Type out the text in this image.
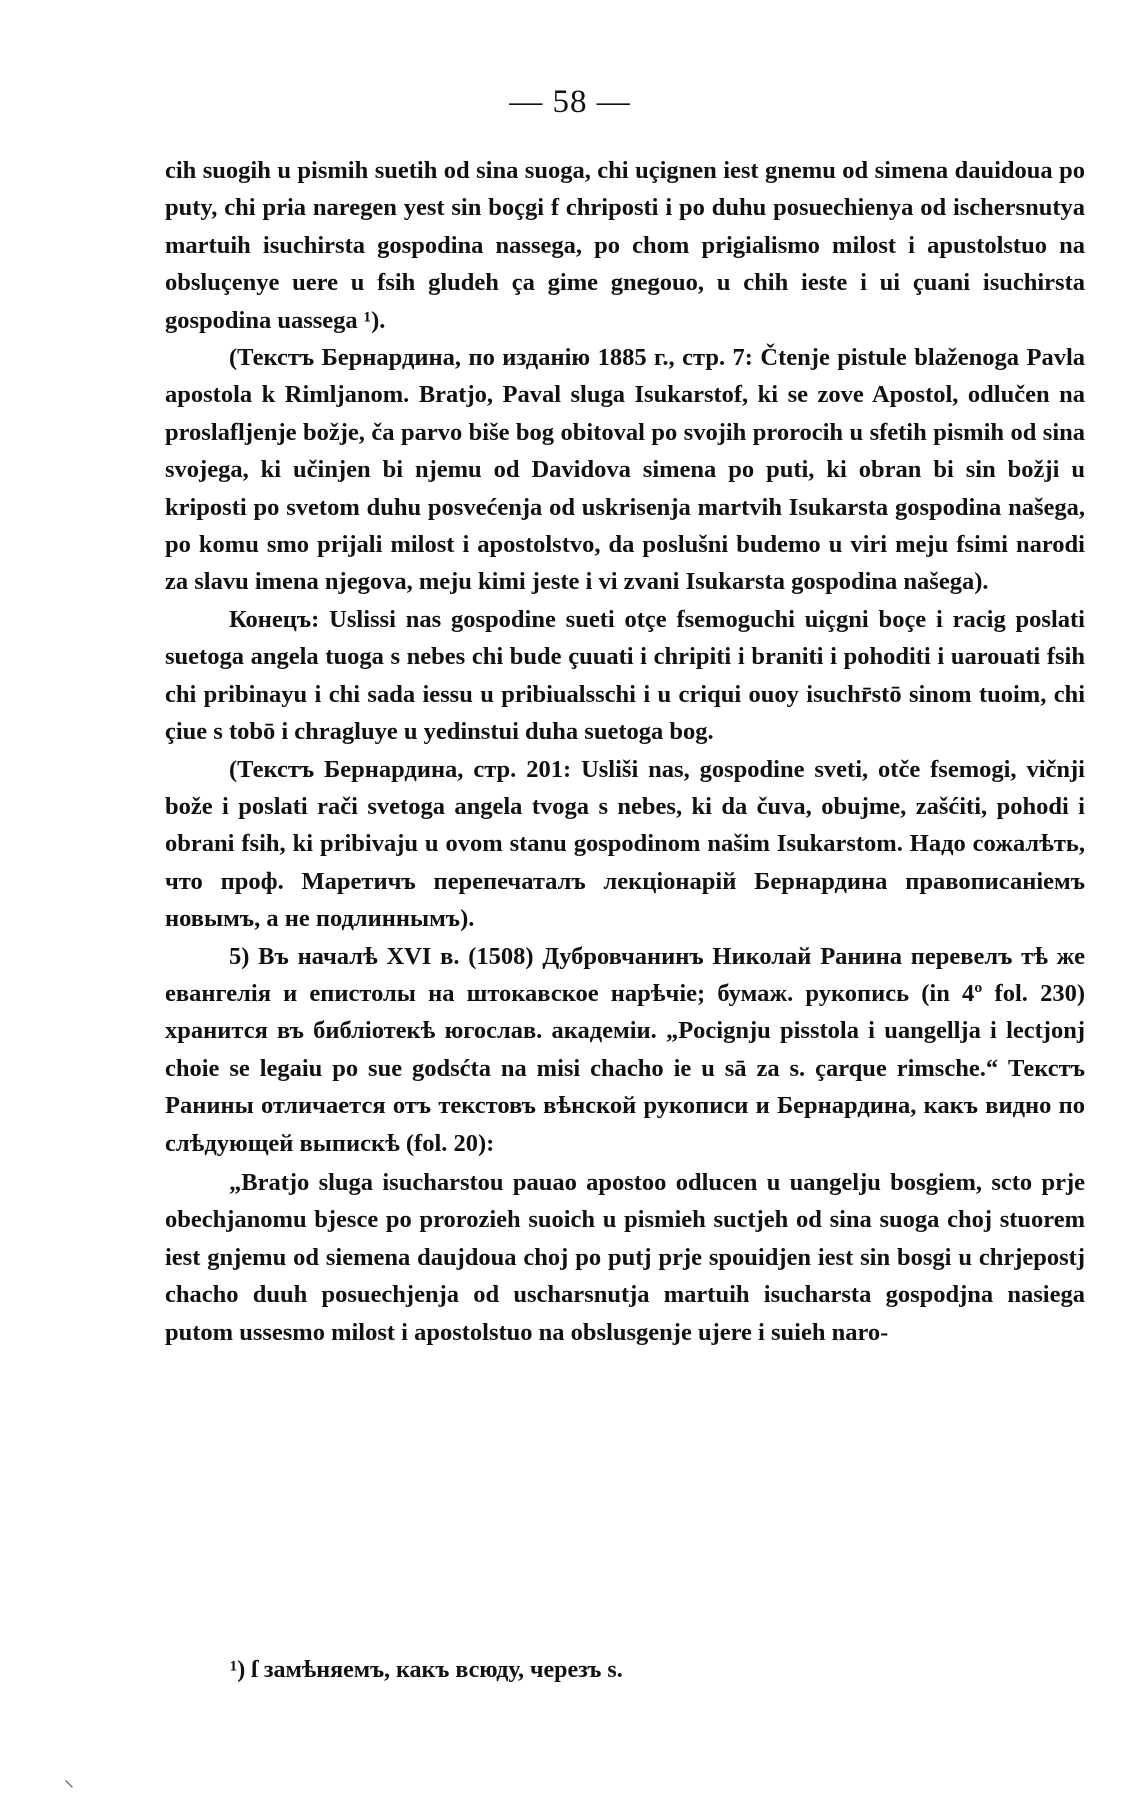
— 58 —

cih suogih u pismih suetih od sina suoga, chi uçignen iest gnemu od simena dauidoua po puty, chi pria naregen yest sin boçgi f chriposti i po duhu posuechienya od ischersnutya martuih isuchirsta gospodina nassega, po chom prigialismo milost i apustolstuo na obsluçenye uere u fsih gludeh ça gime gnegouo, u chih ieste i ui çuani isuchirsta gospodina uassega ¹).

(Текстъ Бернардина, по изданію 1885 г., стр. 7: Čtenje pistule blaženoga Pavla apostola k Rimljanom. Bratjo, Paval sluga Isukarstof, ki se zove Apostol, odlučen na proslafljenje božje, ča parvo biše bog obitoval po svojih prorocih u sfetih pismih od sina svojega, ki učinjen bi njemu od Davidova simena po puti, ki obran bi sin božji u kriposti po svetom duhu posvećenja od uskrisenja martvih Isukarsta gospodina našega, po komu smo prijali milost i apostolstvo, da poslušni budemo u viri meju fsimi narodi za slavu imena njegova, meju kimi jeste i vi zvani Isukarsta gospodina našega).

Конецъ: Uslissi nas gospodine sueti otçe fsemoguchi uiçgni boçe i racig poslati suetoga angela tuoga s nebes chi bude çuuati i chripiti i braniti i pohoditi i uarouati fsih chi pribinayu i chi sada iessu u pribiualsschi i u criqui ouoy isuchr̄stō sinom tuoim, chi çiue s tobō i chragluye u yedinstui duha suetoga bog.

(Текстъ Бернардина, стр. 201: Usliši nas, gospodine sveti, otče fsemogi, vičnji bože i poslati rači svetoga angela tvoga s nebes, ki da čuva, obujme, zašćiti, pohodi i obrani fsih, ki pribivaju u ovom stanu gospodinom našim Isukarstom. Надо сожалѣть, что проф. Маретичъ перепечаталъ лекціонарій Бернардина правописаніемъ новымъ, а не подлиннымъ).

5) Въ началѣ XVI в. (1508) Дубровчанинъ Николай Ранина перевелъ тѣ же евангелія и епистолы на штокавское нарѣчіе; бумаж. рукопись (in 4º fol. 230) хранится въ библіотекѣ югослав. академіи. „Pocignju pisstola i uangellja i lectjonj choie se legaiu po sue godsćta na misi chacho ie u sā za s. çarque rimsche.“ Текстъ Ранины отличается отъ текстовъ вѣнской рукописи и Бернардина, какъ видно по слѣдующей выпискѣ (fol. 20):

„Bratjo sluga isucharstou pauao apostoo odlucen u uangelju bosgiem, scto prje obechjanomu bjesce po prorozieh suoich u pismieh suctjeh od sina suoga choj stuorem iest gnjemu od siemena daujdoua choj po putj prje spouidjen iest sin bosgi u chrjepostj chacho duuh posuechjenja od uscharsnutja martuih isucharsta gospodjna nasiega putom ussesmo milost i apostolstuo na obslusgenje ujere i suieh naro-

¹) ſ замѣняемъ, какъ всюду, черезъ s.
⸜
